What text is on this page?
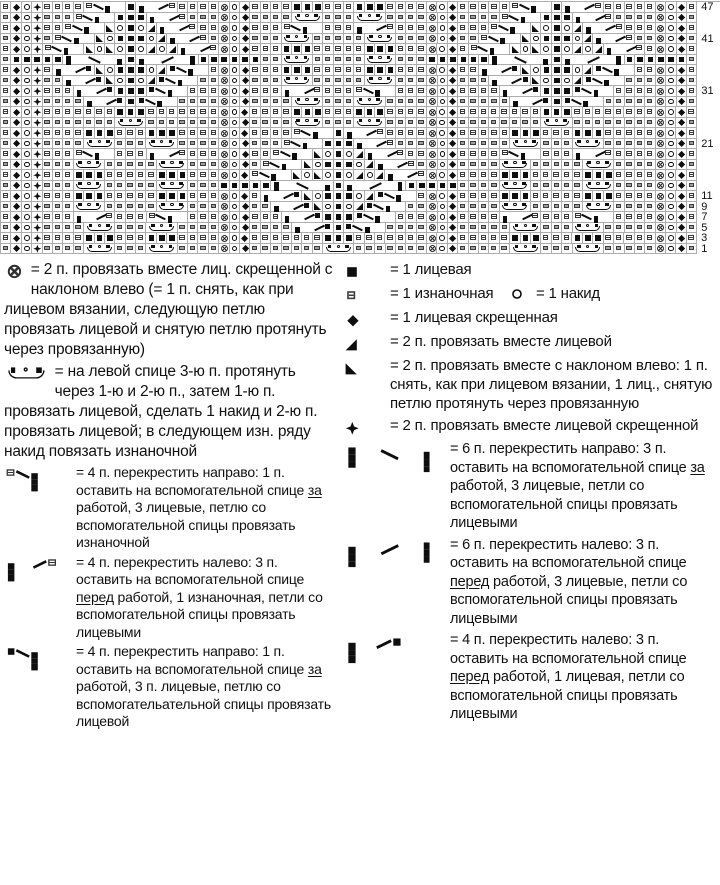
47
41
31
21
11
9
7
5
3
1
= 2 п. провязать вместе лиц. скрещенной с наклоном влево (= 1 п. снять, как при лицевом вязании, следующую петлю провязать лицевой и снятую петлю протянуть через провязанную)
= на левой спице 3-ю п. протянуть через 1-ю и 2-ю п., затем 1-ю п. провязать лицевой, сделать 1 накид и 2-ю п. провязать лицевой; в следующем изн. ряду накид повязать изнаночной
= 4 п. перекрестить направо: 1 п. оставить на вспомогательной спице за работой, 3 лицевые, петлю со вспомогательной спицы провязать изнаночной
= 4 п. перекрестить налево: 3 п. оставить на вспомогательной спице перед работой, 1 изнаночная, петли со вспомогательной спицы провязать лицевыми
= 4 п. перекрестить направо: 1 п. оставить на вспомогательной спице за работой, 3 п. лицевые, петлю со вспомогательательной спицы провязать лицевой
= 1 лицевая
= 1 изнаночная	= 1 накид
= 1 лицевая скрещенная
= 2 п. провязать вместе лицевой
= 2 п. провязать вместе с наклоном влево: 1 п. снять, как при лицевом вязании, 1 лиц., снятую петлю протянуть через провязанную
= 2 п. провязать вместе лицевой скрещенной
= 6 п. перекрестить направо: 3 п. оставить на вспомогательной спице за работой, 3 лицевые, петли со вспомогательной спицы провязать лицевыми
= 6 п. перекрестить налево: 3 п. оставить на вспомогательной спице перед работой, 3 лицевые, петли со вспомогательной спицы провязать лицевыми
= 4 п. перекрестить налево: 3 п. оставить на вспомогательной спице перед работой, 1 лицевая, петли со вспомогательной спицы провязать лицевыми
